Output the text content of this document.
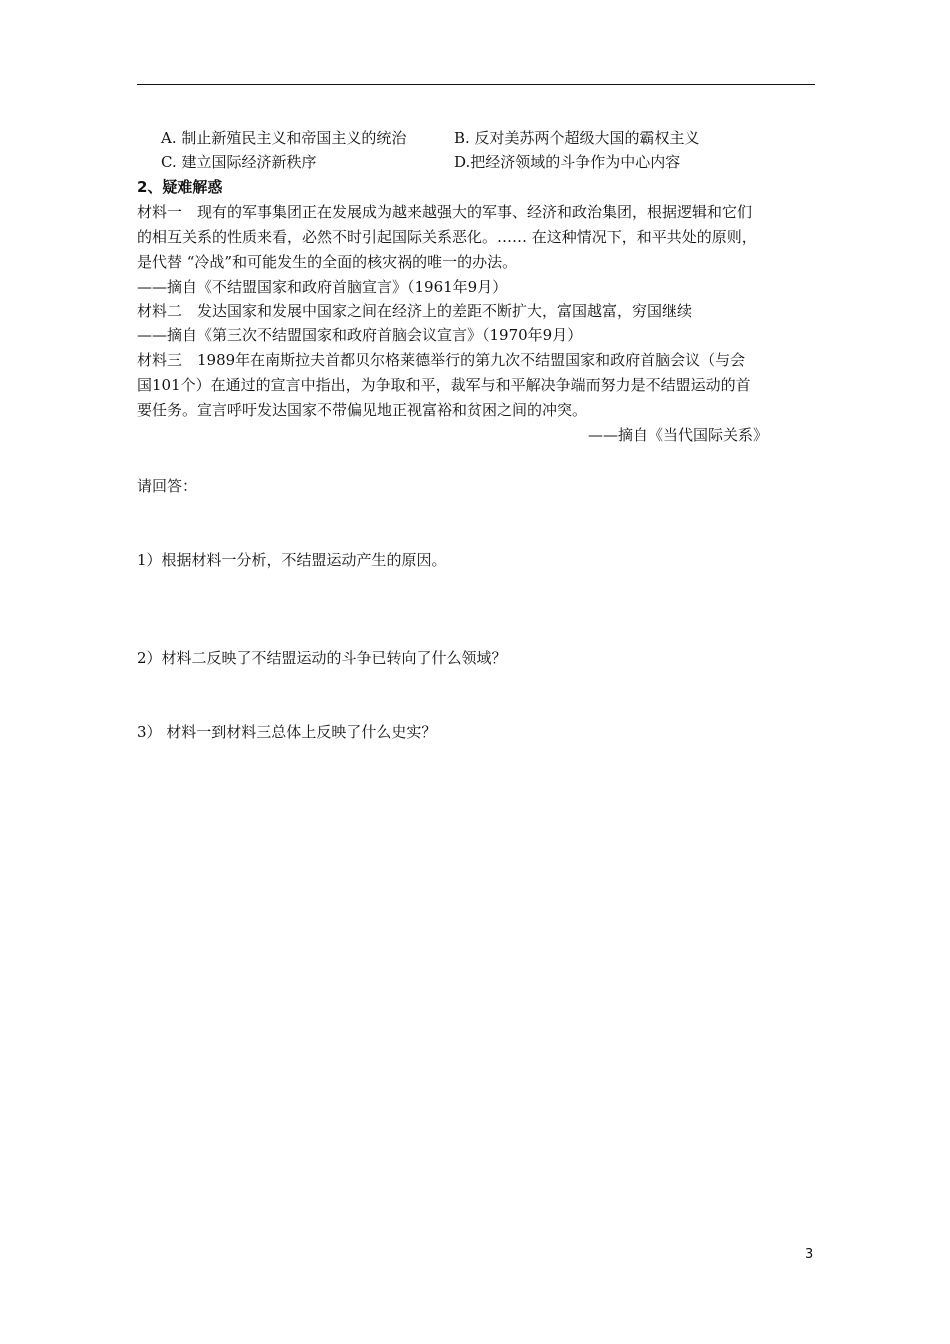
A. 制止新殖民主义和帝国主义的统治	B. 反对美苏两个超级大国的霸权主义
C. 建立国际经济新秩序	D.把经济领域的斗争作为中心内容
2、疑难解惑
材料一　现有的军事集团正在发展成为越来越强大的军事、经济和政治集团，根据逻辑和它们
的相互关系的性质来看，必然不时引起国际关系恶化。…… 在这种情况下，和平共处的原则，
是代替 “冷战”和可能发生的全面的核灾祸的唯一的办法。
——摘自《不结盟国家和政府首脑宣言》（1961年9月）
材料二　发达国家和发展中国家之间在经济上的差距不断扩大，富国越富，穷国继续
——摘自《第三次不结盟国家和政府首脑会议宣言》（1970年9月）
材料三　1989年在南斯拉夫首都贝尔格莱德举行的第九次不结盟国家和政府首脑会议（与会
国101个）在通过的宣言中指出，为争取和平，裁军与和平解决争端而努力是不结盟运动的首
要任务。宣言呼吁发达国家不带偏见地正视富裕和贫困之间的冲突。
——摘自《当代国际关系》
请回答：
1）根据材料一分析，不结盟运动产生的原因。
2）材料二反映了不结盟运动的斗争已转向了什么领域？
3） 材料一到材料三总体上反映了什么史实？
3
